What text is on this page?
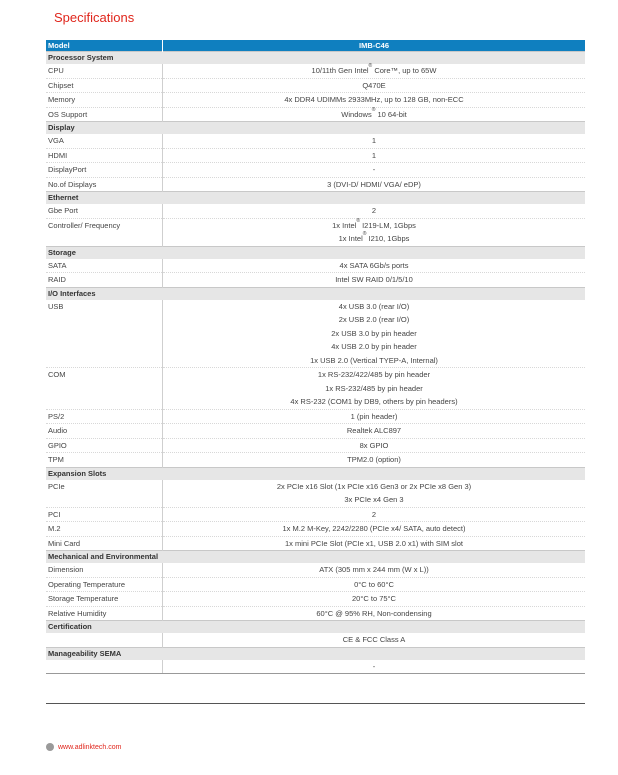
Specifications
Model	IMB-C46
Processor System	
CPU	10/11th Gen Intel® Core™, up to 65W

Chipset	Q470E

Memory	4x DDR4 UDIMMs 2933MHz, up to 128 GB, non-ECC

OS Support	Windows® 10 64-bit

Display	
VGA	1

HDMI	1

DisplayPort	-

No.of Displays	3 (DVI-D/ HDMI/ VGA/ eDP)

Ethernet	
Gbe Port	2

Controller/ Frequency	1x Intel® I219-LM, 1Gbps
1x Intel® I210, 1Gbps

Storage	
SATA	4x SATA 6Gb/s ports

RAID	Intel SW RAID 0/1/5/10

I/O Interfaces	
USB	4x USB 3.0 (rear I/O)
2x USB 2.0 (rear I/O)
2x USB 3.0 by pin header
4x USB 2.0 by pin header
1x USB 2.0 (Vertical TYEP-A, Internal)

COM	1x RS-232/422/485 by pin header
1x RS-232/485 by pin header
4x RS-232 (COM1 by DB9, others by pin headers)

PS/2	1 (pin header)

Audio	Realtek ALC897

GPIO	8x GPIO

TPM	TPM2.0 (option)

Expansion Slots	
PCIe	2x PCIe x16 Slot (1x PCIe x16 Gen3 or 2x PCIe x8 Gen 3)
3x PCIe x4 Gen 3

PCI	2

M.2	1x M.2 M-Key, 2242/2280 (PCIe x4/ SATA, auto detect)

Mini Card	1x mini PCIe Slot (PCIe x1, USB 2.0 x1) with SIM slot

Mechanical and Environmental	
Dimension	ATX (305 mm x 244 mm (W x L))

Operating Temperature	0°C to 60°C

Storage Temperature	20°C to 75°C

Relative Humidity	60°C @ 95% RH, Non-condensing

Certification	

	CE & FCC Class A

Manageability SEMA	

	-
www.adlinktech.com
